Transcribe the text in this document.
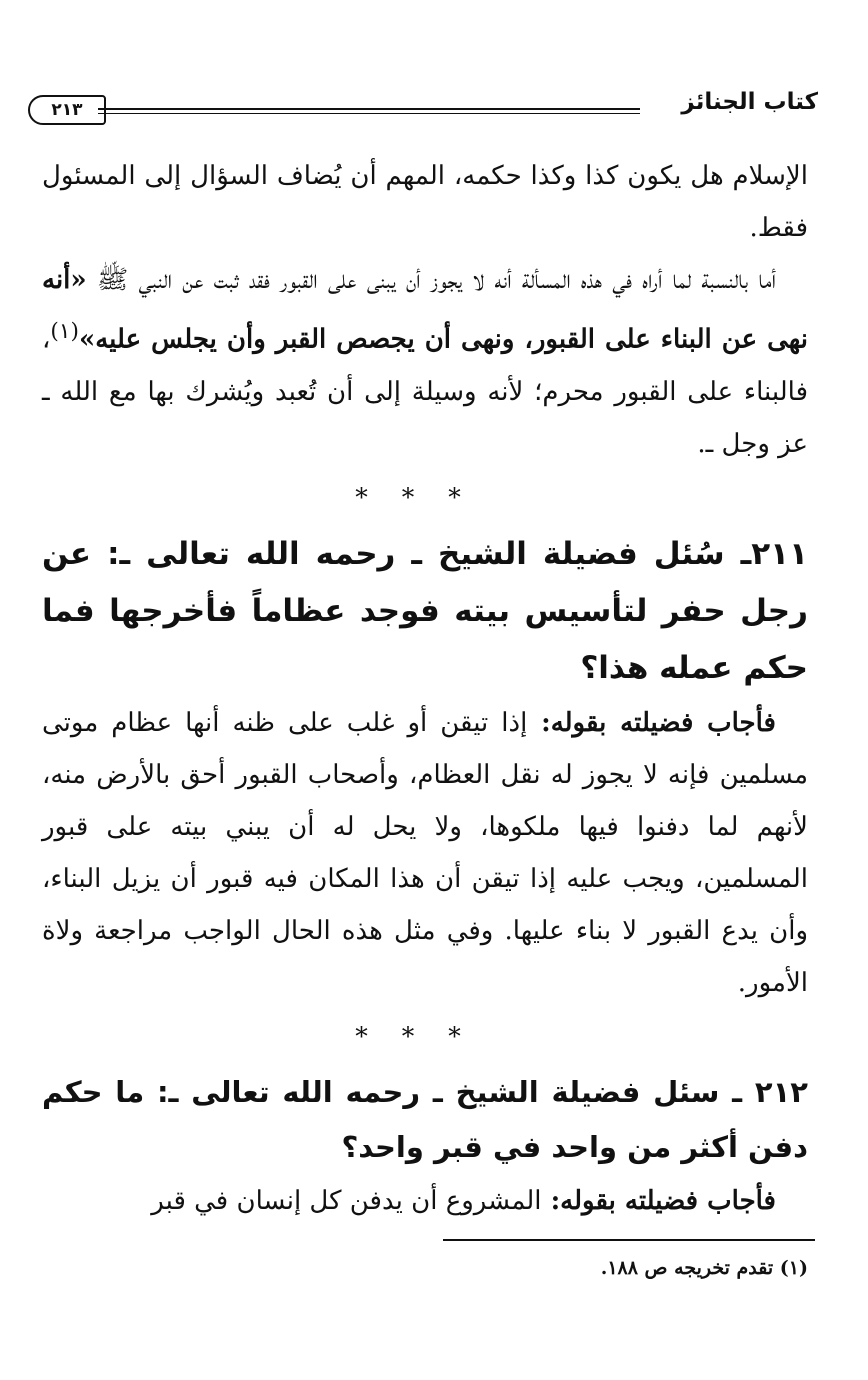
كتاب الجنائز
٢١٣

الإسلام هل يكون كذا وكذا حكمه، المهم أن يُضاف السؤال إلى المسئول فقط.

أما بالنسبة لما أراه في هذه المسألة أنه لا يجوز أن يبنى على القبور فقد ثبت عن النبي ﷺ «أنه نهى عن البناء على القبور، ونهى أن يجصص القبر وأن يجلس عليه»$^{(١)}$، فالبناء على القبور محرم؛ لأنه وسيلة إلى أن تُعبد ويُشرك بها مع الله ـ عز وجل ـ.

***

٢١١ـ سُئل فضيلة الشيخ ـ رحمه الله تعالى ـ: عن رجل حفر لتأسيس بيته فوجد عظاماً فأخرجها فما حكم عمله هذا؟

فأجاب فضيلته بقوله: إذا تيقن أو غلب على ظنه أنها عظام موتى مسلمين فإنه لا يجوز له نقل العظام، وأصحاب القبور أحق بالأرض منه، لأنهم لما دفنوا فيها ملكوها، ولا يحل له أن يبني بيته على قبور المسلمين، ويجب عليه إذا تيقن أن هذا المكان فيه قبور أن يزيل البناء، وأن يدع القبور لا بناء عليها. وفي مثل هذه الحال الواجب مراجعة ولاة الأمور.

***

٢١٢ ـ سئل فضيلة الشيخ ـ رحمه الله تعالى ـ: ما حكم دفن أكثر من واحد في قبر واحد؟

فأجاب فضيلته بقوله: المشروع أن يدفن كل إنسان في قبر

(١) تقدم تخريجه ص ١٨٨.
